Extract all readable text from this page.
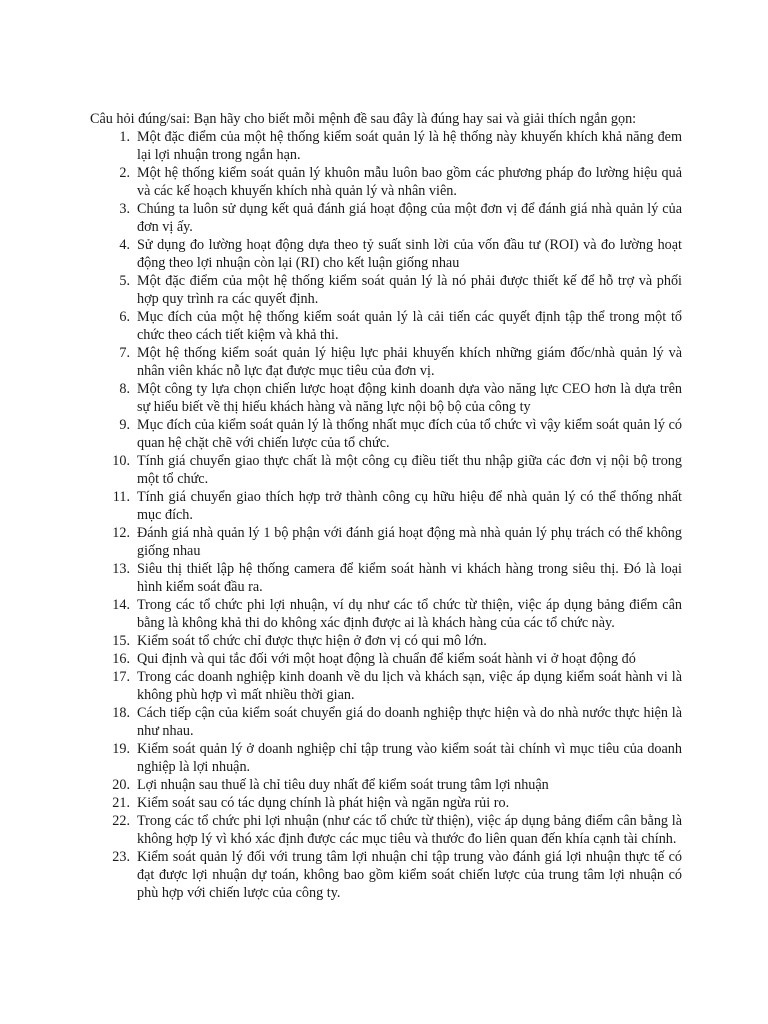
Câu hỏi đúng/sai: Bạn hãy cho biết mỗi mệnh đề sau đây là đúng hay sai và giải thích ngắn gọn:

1. Một đặc điểm của một hệ thống kiểm soát quản lý là hệ thống này khuyến khích khả năng đem lại lợi nhuận trong ngắn hạn.
2. Một hệ thống kiểm soát quản lý khuôn mẫu luôn bao gồm các phương pháp đo lường hiệu quả và các kế hoạch khuyến khích nhà quản lý và nhân viên.
3. Chúng ta luôn sử dụng kết quả đánh giá hoạt động của một đơn vị để đánh giá nhà quản lý của đơn vị ấy.
4. Sử dụng đo lường hoạt động dựa theo tỷ suất sinh lời của vốn đầu tư (ROI) và đo lường hoạt động theo lợi nhuận còn lại (RI) cho kết luận giống nhau
5. Một đặc điểm của một hệ thống kiểm soát quản lý là nó phải được thiết kế để hỗ trợ và phối hợp quy trình ra các quyết định.
6. Mục đích của một hệ thống kiểm soát quản lý là cải tiến các quyết định tập thể trong một tổ chức theo cách tiết kiệm và khả thi.
7. Một hệ thống kiểm soát quản lý hiệu lực phải khuyến khích những giám đốc/nhà quản lý và nhân viên khác nỗ lực đạt được mục tiêu của đơn vị.
8. Một công ty lựa chọn chiến lược hoạt động kinh doanh dựa vào năng lực CEO hơn là dựa trên sự hiểu biết về thị hiếu khách hàng và năng lực nội bộ bộ của công ty
9. Mục đích của kiểm soát quản lý là thống nhất mục đích của tổ chức vì vậy kiểm soát quản lý có quan hệ chặt chẽ với chiến lược của tổ chức.
10. Tính giá chuyển giao thực chất là một công cụ điều tiết thu nhập giữa các đơn vị nội bộ trong một tổ chức.
11. Tính giá chuyển giao thích hợp trở thành công cụ hữu hiệu để nhà quản lý có thể thống nhất mục đích.
12. Đánh giá nhà quản lý 1 bộ phận với đánh giá hoạt động mà nhà quản lý phụ trách có thể không giống nhau
13. Siêu thị thiết lập hệ thống camera để kiểm soát hành vi khách hàng trong siêu thị. Đó là loại hình kiểm soát đầu ra.
14. Trong các tổ chức phi lợi nhuận, ví dụ như các tổ chức từ thiện, việc áp dụng bảng điểm cân bằng là không khả thi do không xác định được ai là khách hàng của các tổ chức này.
15. Kiểm soát tổ chức chỉ được thực hiện ở đơn vị có qui mô lớn.
16. Qui định và qui tắc đối với một hoạt động là chuẩn để kiểm soát hành vi ở hoạt động đó
17. Trong các doanh nghiệp kinh doanh về du lịch và khách sạn, việc áp dụng kiểm soát hành vi là không phù hợp vì mất nhiều thời gian.
18. Cách tiếp cận của kiểm soát chuyển giá do doanh nghiệp thực hiện và do nhà nước thực hiện là như nhau.
19. Kiểm soát quản lý ở doanh nghiệp chỉ tập trung vào kiểm soát tài chính vì mục tiêu của doanh nghiệp là lợi nhuận.
20. Lợi nhuận sau thuế là chỉ tiêu duy nhất để kiểm soát trung tâm lợi nhuận
21. Kiểm soát sau có tác dụng chính là phát hiện và ngăn ngừa rủi ro.
22. Trong các tổ chức phi lợi nhuận (như các tổ chức từ thiện), việc áp dụng bảng điểm cân bằng là không hợp lý vì khó xác định được các mục tiêu và thước đo liên quan đến khía cạnh tài chính.
23. Kiểm soát quản lý đối với trung tâm lợi nhuận chỉ tập trung vào đánh giá lợi nhuận thực tế có đạt được lợi nhuận dự toán, không bao gồm kiểm soát chiến lược của trung tâm lợi nhuận có phù hợp với chiến lược của công ty.
